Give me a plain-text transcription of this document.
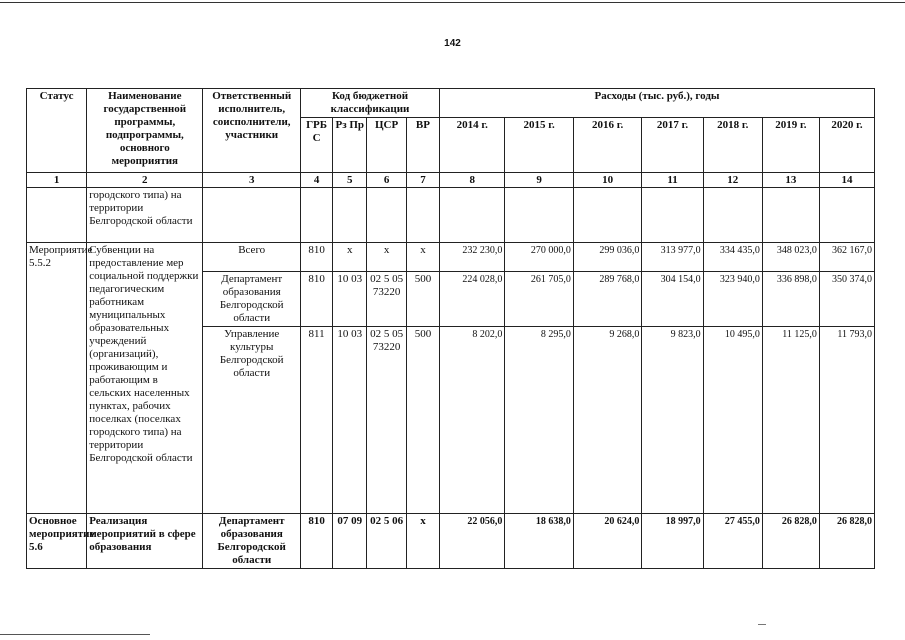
142
Статус	Наименование государственной программы, подпрограммы, основного мероприятия	Ответственный исполнитель, соисполнители, участники	Код бюджетной классификации				Расходы (тыс. руб.), годы						
			ГРБ С	Рз Пр	ЦСР	ВР	2014 г.	2015 г.	2016 г.	2017 г.	2018 г.	2019 г.	2020 г.
1	2	3	4	5	6	7	8	9	10	11	12	13	14
	городского типа) на территории Белгородской области												
Мероприятие 5.5.2	Субвенции на предоставление мер социальной поддержки педагогическим работникам муниципальных образовательных учреждений (организаций), проживающим и работающим в сельских населенных пунктах, рабочих поселках (поселках городского типа) на территории Белгородской области	Всего	810	х	х	х	232 230,0	270 000,0	299 036,0	313 977,0	334 435,0	348 023,0	362 167,0
		Департамент образования Белгородской области	810	10 03	02 5 05 73220	500	224 028,0	261 705,0	289 768,0	304 154,0	323 940,0	336 898,0	350 374,0
		Управление культуры Белгородской области	811	10 03	02 5 05 73220	500	8 202,0	8 295,0	9 268,0	9 823,0	10 495,0	11 125,0	11 793,0
Основное мероприятие 5.6	Реализация мероприятий в сфере образования	Департамент образования Белгородской области	810	07 09	02 5 06	х	22 056,0	18 638,0	20 624,0	18 997,0	27 455,0	26 828,0	26 828,0
